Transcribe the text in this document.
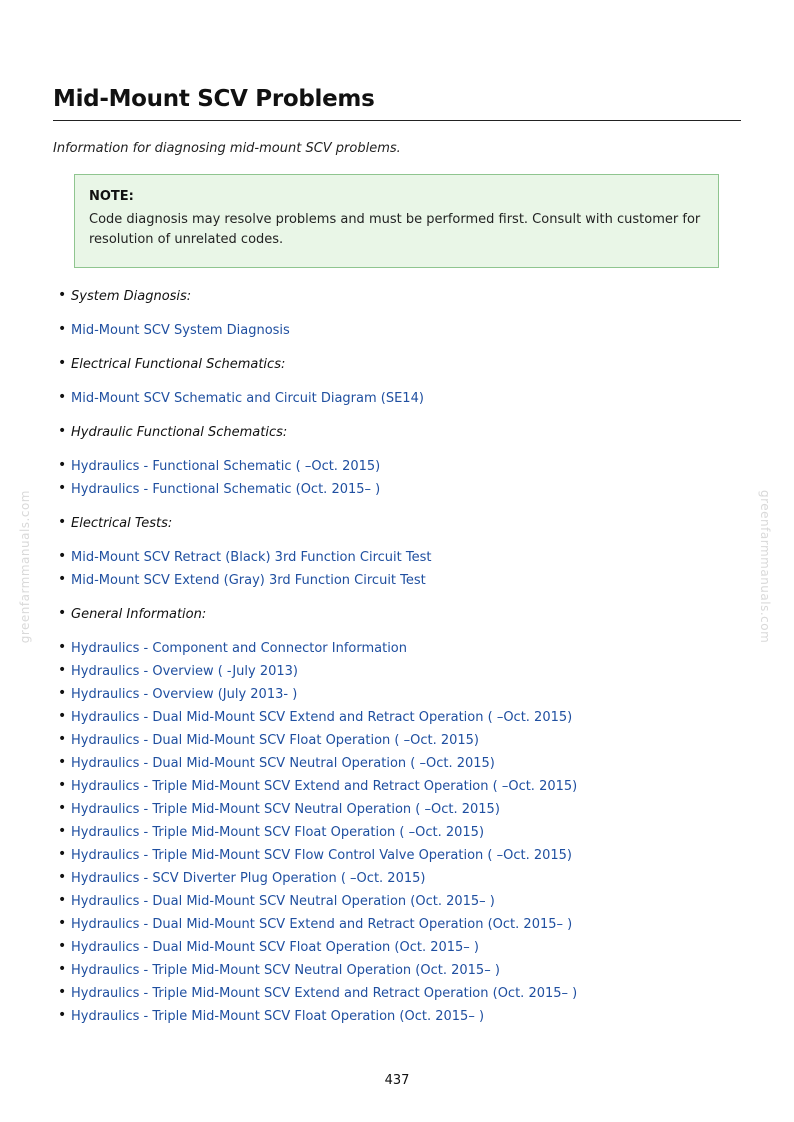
greenfarmmanuals.com	greenfarmmanuals.com
Mid-Mount SCV Problems
Information for diagnosing mid-mount SCV problems.
NOTE:
Code diagnosis may resolve problems and must be performed first. Consult with customer for resolution of unrelated codes.
• System Diagnosis:
• Mid-Mount SCV System Diagnosis
• Electrical Functional Schematics:
• Mid-Mount SCV Schematic and Circuit Diagram (SE14)
• Hydraulic Functional Schematics:
• Hydraulics - Functional Schematic ( –Oct. 2015)
• Hydraulics - Functional Schematic (Oct. 2015– )
• Electrical Tests:
• Mid-Mount SCV Retract (Black) 3rd Function Circuit Test
• Mid-Mount SCV Extend (Gray) 3rd Function Circuit Test
• General Information:
• Hydraulics - Component and Connector Information
• Hydraulics - Overview ( -July 2013)
• Hydraulics - Overview (July 2013- )
• Hydraulics - Dual Mid-Mount SCV Extend and Retract Operation ( –Oct. 2015)
• Hydraulics - Dual Mid-Mount SCV Float Operation ( –Oct. 2015)
• Hydraulics - Dual Mid-Mount SCV Neutral Operation ( –Oct. 2015)
• Hydraulics - Triple Mid-Mount SCV Extend and Retract Operation ( –Oct. 2015)
• Hydraulics - Triple Mid-Mount SCV Neutral Operation ( –Oct. 2015)
• Hydraulics - Triple Mid-Mount SCV Float Operation ( –Oct. 2015)
• Hydraulics - Triple Mid-Mount SCV Flow Control Valve Operation ( –Oct. 2015)
• Hydraulics - SCV Diverter Plug Operation ( –Oct. 2015)
• Hydraulics - Dual Mid-Mount SCV Neutral Operation (Oct. 2015– )
• Hydraulics - Dual Mid-Mount SCV Extend and Retract Operation (Oct. 2015– )
• Hydraulics - Dual Mid-Mount SCV Float Operation (Oct. 2015– )
• Hydraulics - Triple Mid-Mount SCV Neutral Operation (Oct. 2015– )
• Hydraulics - Triple Mid-Mount SCV Extend and Retract Operation (Oct. 2015– )
• Hydraulics - Triple Mid-Mount SCV Float Operation (Oct. 2015– )
437
